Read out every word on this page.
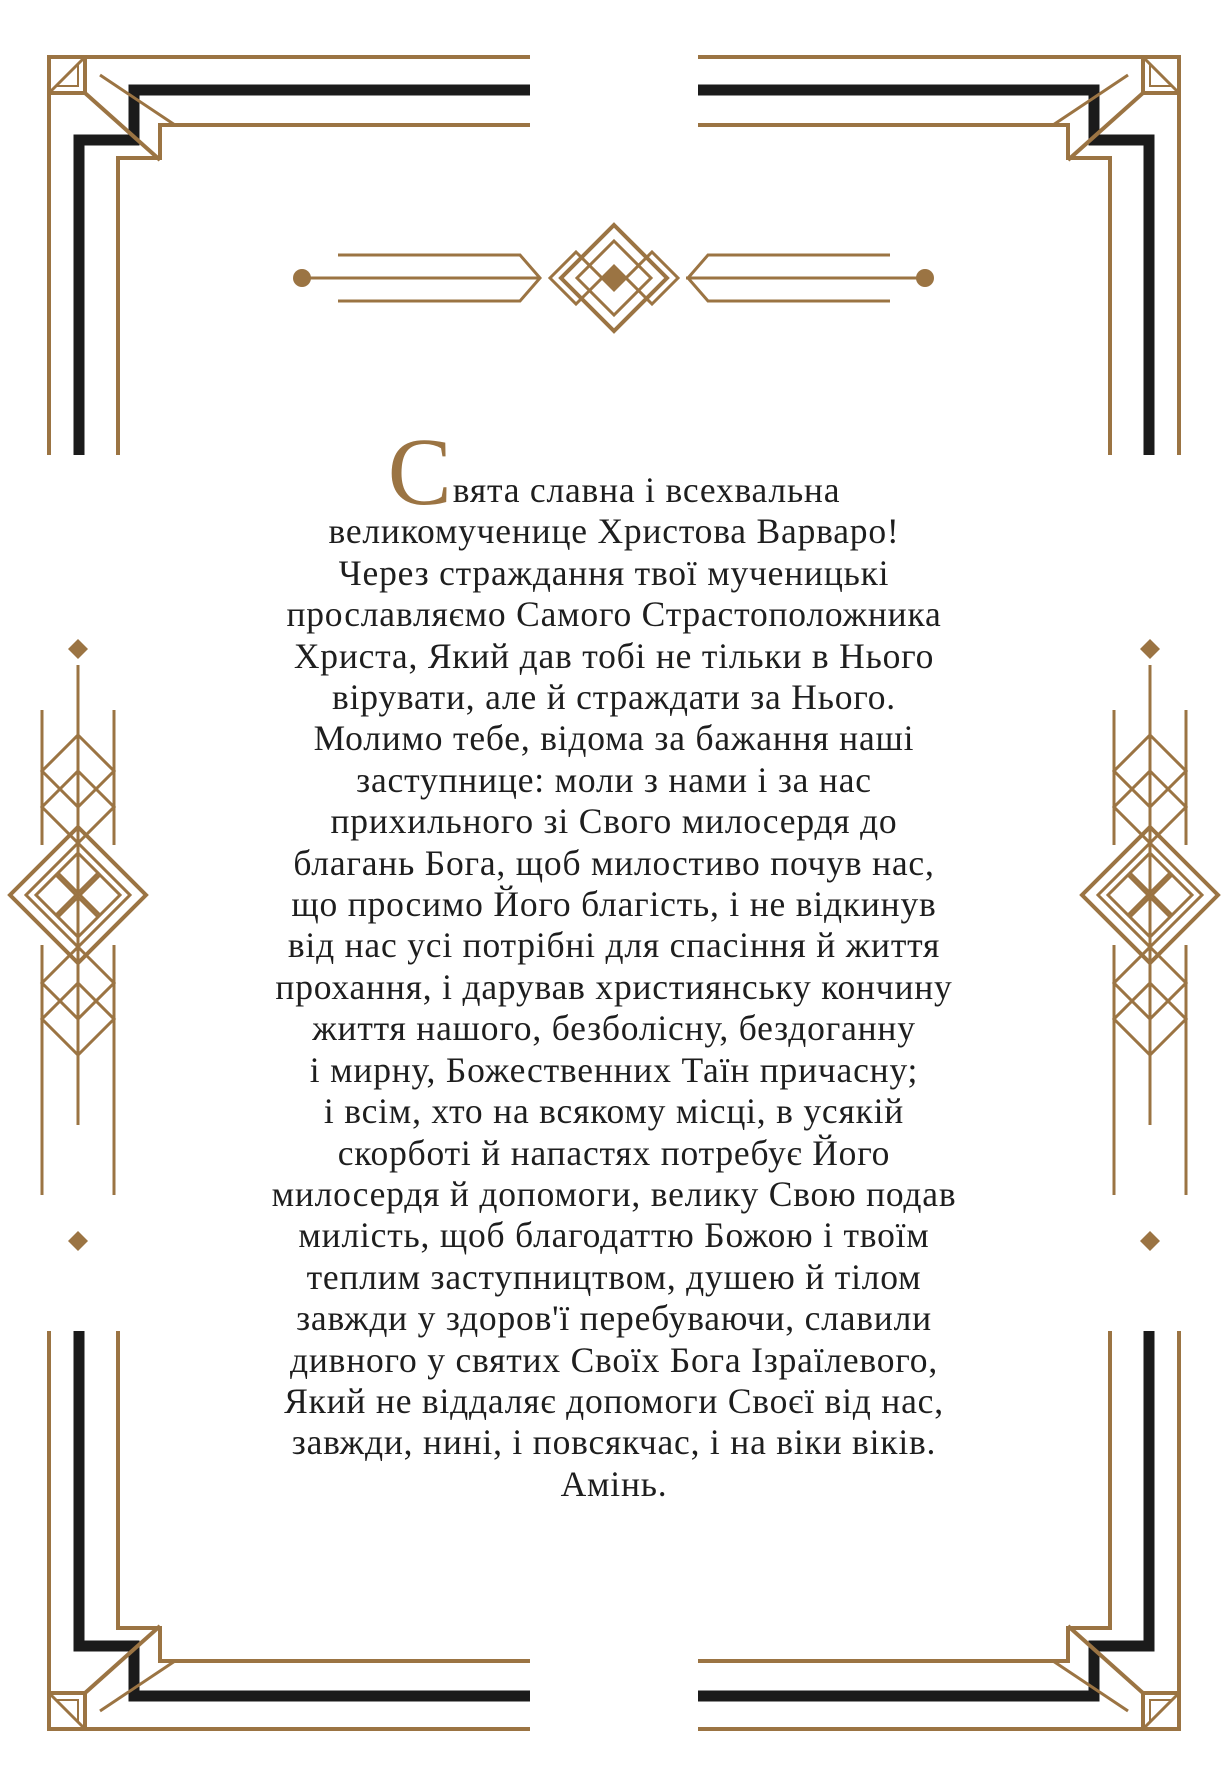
Свята славна і всехвальна
великомученице Христова Варваро!
Через страждання твої мученицькі
прославляємо Самого Страстоположника
Христа, Який дав тобі не тільки в Нього
вірувати, але й страждати за Нього.
Молимо тебе, відома за бажання наші
заступнице: моли з нами і за нас
прихильного зі Свого милосердя до
благань Бога, щоб милостиво почув нас,
що просимо Його благість, і не відкинув
від нас усі потрібні для спасіння й життя
прохання, і дарував християнську кончину
життя нашого, безболісну, бездоганну
і мирну, Божественних Таїн причасну;
і всім, хто на всякому місці, в усякій
скорботі й напастях потребує Його
милосердя й допомоги, велику Свою подав
милість, щоб благодаттю Божою і твоїм
теплим заступництвом, душею й тілом
завжди у здоров'ї перебуваючи, славили
дивного у святих Своїх Бога Ізраїлевого,
Який не віддаляє допомоги Своєї від нас,
завжди, нині, і повсякчас, і на віки віків.
Амінь.
